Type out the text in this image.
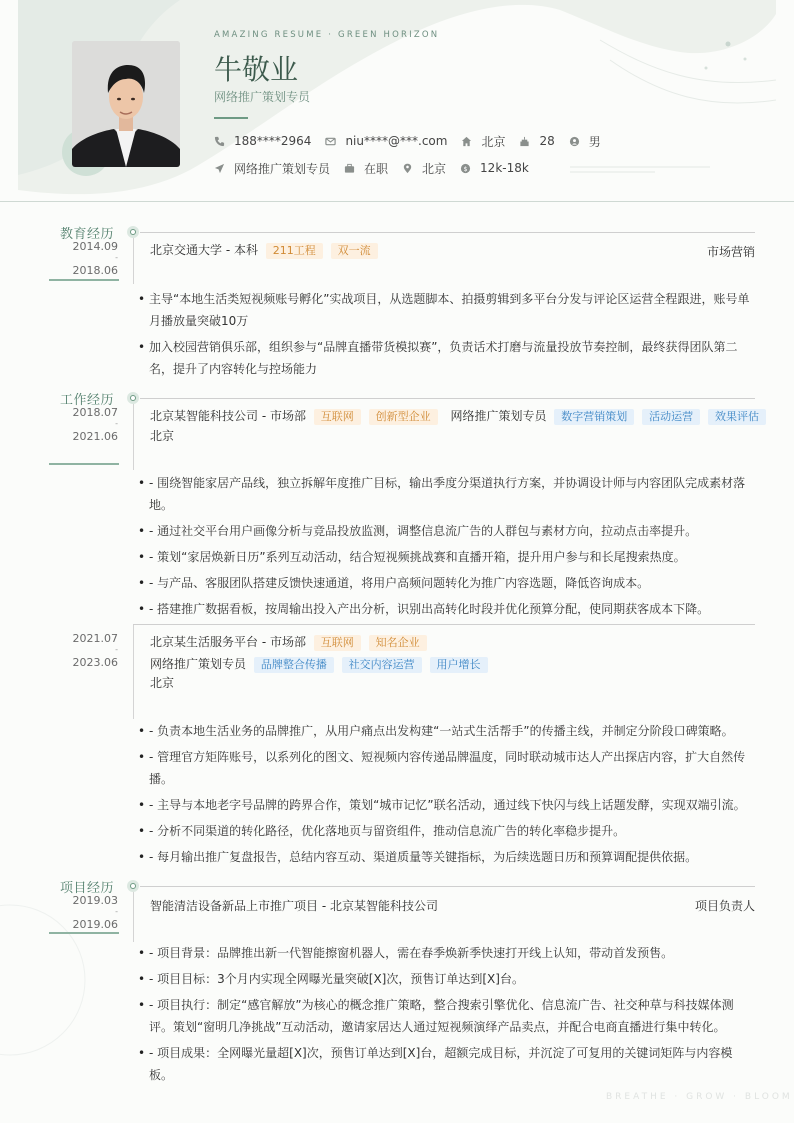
AMAZING RESUME · GREEN HORIZON
牛敬业
网络推广策划专员
188****2964	niu****@***.com	北京	28	男
网络推广策划专员	在职	北京 $ 12k-18k
教育经历
2014.09
-
2018.06
北京交通大学 - 本科 211工程 双一流	市场营销
• 主导“本地生活类短视频账号孵化”实战项目，从选题脚本、拍摄剪辑到多平台分发与评论区运营全程跟进，账号单月播放量突破10万
• 加入校园营销俱乐部，组织参与“品牌直播带货模拟赛”，负责话术打磨与流量投放节奏控制，最终获得团队第二名，提升了内容转化与控场能力
工作经历
2018.07
-
2021.06
北京某智能科技公司 - 市场部 互联网 创新型企业 网络推广策划专员 数字营销策划 活动运营 效果评估
北京
• - 围绕智能家居产品线，独立拆解年度推广目标，输出季度分渠道执行方案，并协调设计师与内容团队完成素材落地。
• - 通过社交平台用户画像分析与竞品投放监测，调整信息流广告的人群包与素材方向，拉动点击率提升。
• - 策划“家居焕新日历”系列互动活动，结合短视频挑战赛和直播开箱，提升用户参与和长尾搜索热度。
• - 与产品、客服团队搭建反馈快速通道，将用户高频问题转化为推广内容选题，降低咨询成本。
• - 搭建推广数据看板，按周输出投入产出分析，识别出高转化时段并优化预算分配，使同期获客成本下降。
2021.07
-
2023.06
北京某生活服务平台 - 市场部 互联网 知名企业
网络推广策划专员 品牌整合传播 社交内容运营 用户增长
北京
• - 负责本地生活业务的品牌推广，从用户痛点出发构建“一站式生活帮手”的传播主线，并制定分阶段口碑策略。
• - 管理官方矩阵账号，以系列化的图文、短视频内容传递品牌温度，同时联动城市达人产出探店内容，扩大自然传播。
• - 主导与本地老字号品牌的跨界合作，策划“城市记忆”联名活动，通过线下快闪与线上话题发酵，实现双端引流。
• - 分析不同渠道的转化路径，优化落地页与留资组件，推动信息流广告的转化率稳步提升。
• - 每月输出推广复盘报告，总结内容互动、渠道质量等关键指标，为后续选题日历和预算调配提供依据。
项目经历
2019.03
-
2019.06
智能清洁设备新品上市推广项目 - 北京某智能科技公司	项目负责人
• - 项目背景：品牌推出新一代智能擦窗机器人，需在春季焕新季快速打开线上认知，带动首发预售。
• - 项目目标：3个月内实现全网曝光量突破[X]次，预售订单达到[X]台。
• - 项目执行：制定“感官解放”为核心的概念推广策略，整合搜索引擎优化、信息流广告、社交种草与科技媒体测评。策划“窗明几净挑战”互动活动，邀请家居达人通过短视频演绎产品卖点，并配合电商直播进行集中转化。
• - 项目成果：全网曝光量超[X]次，预售订单达到[X]台，超额完成目标，并沉淀了可复用的关键词矩阵与内容模板。
BREATHE · GROW · BLOOM
